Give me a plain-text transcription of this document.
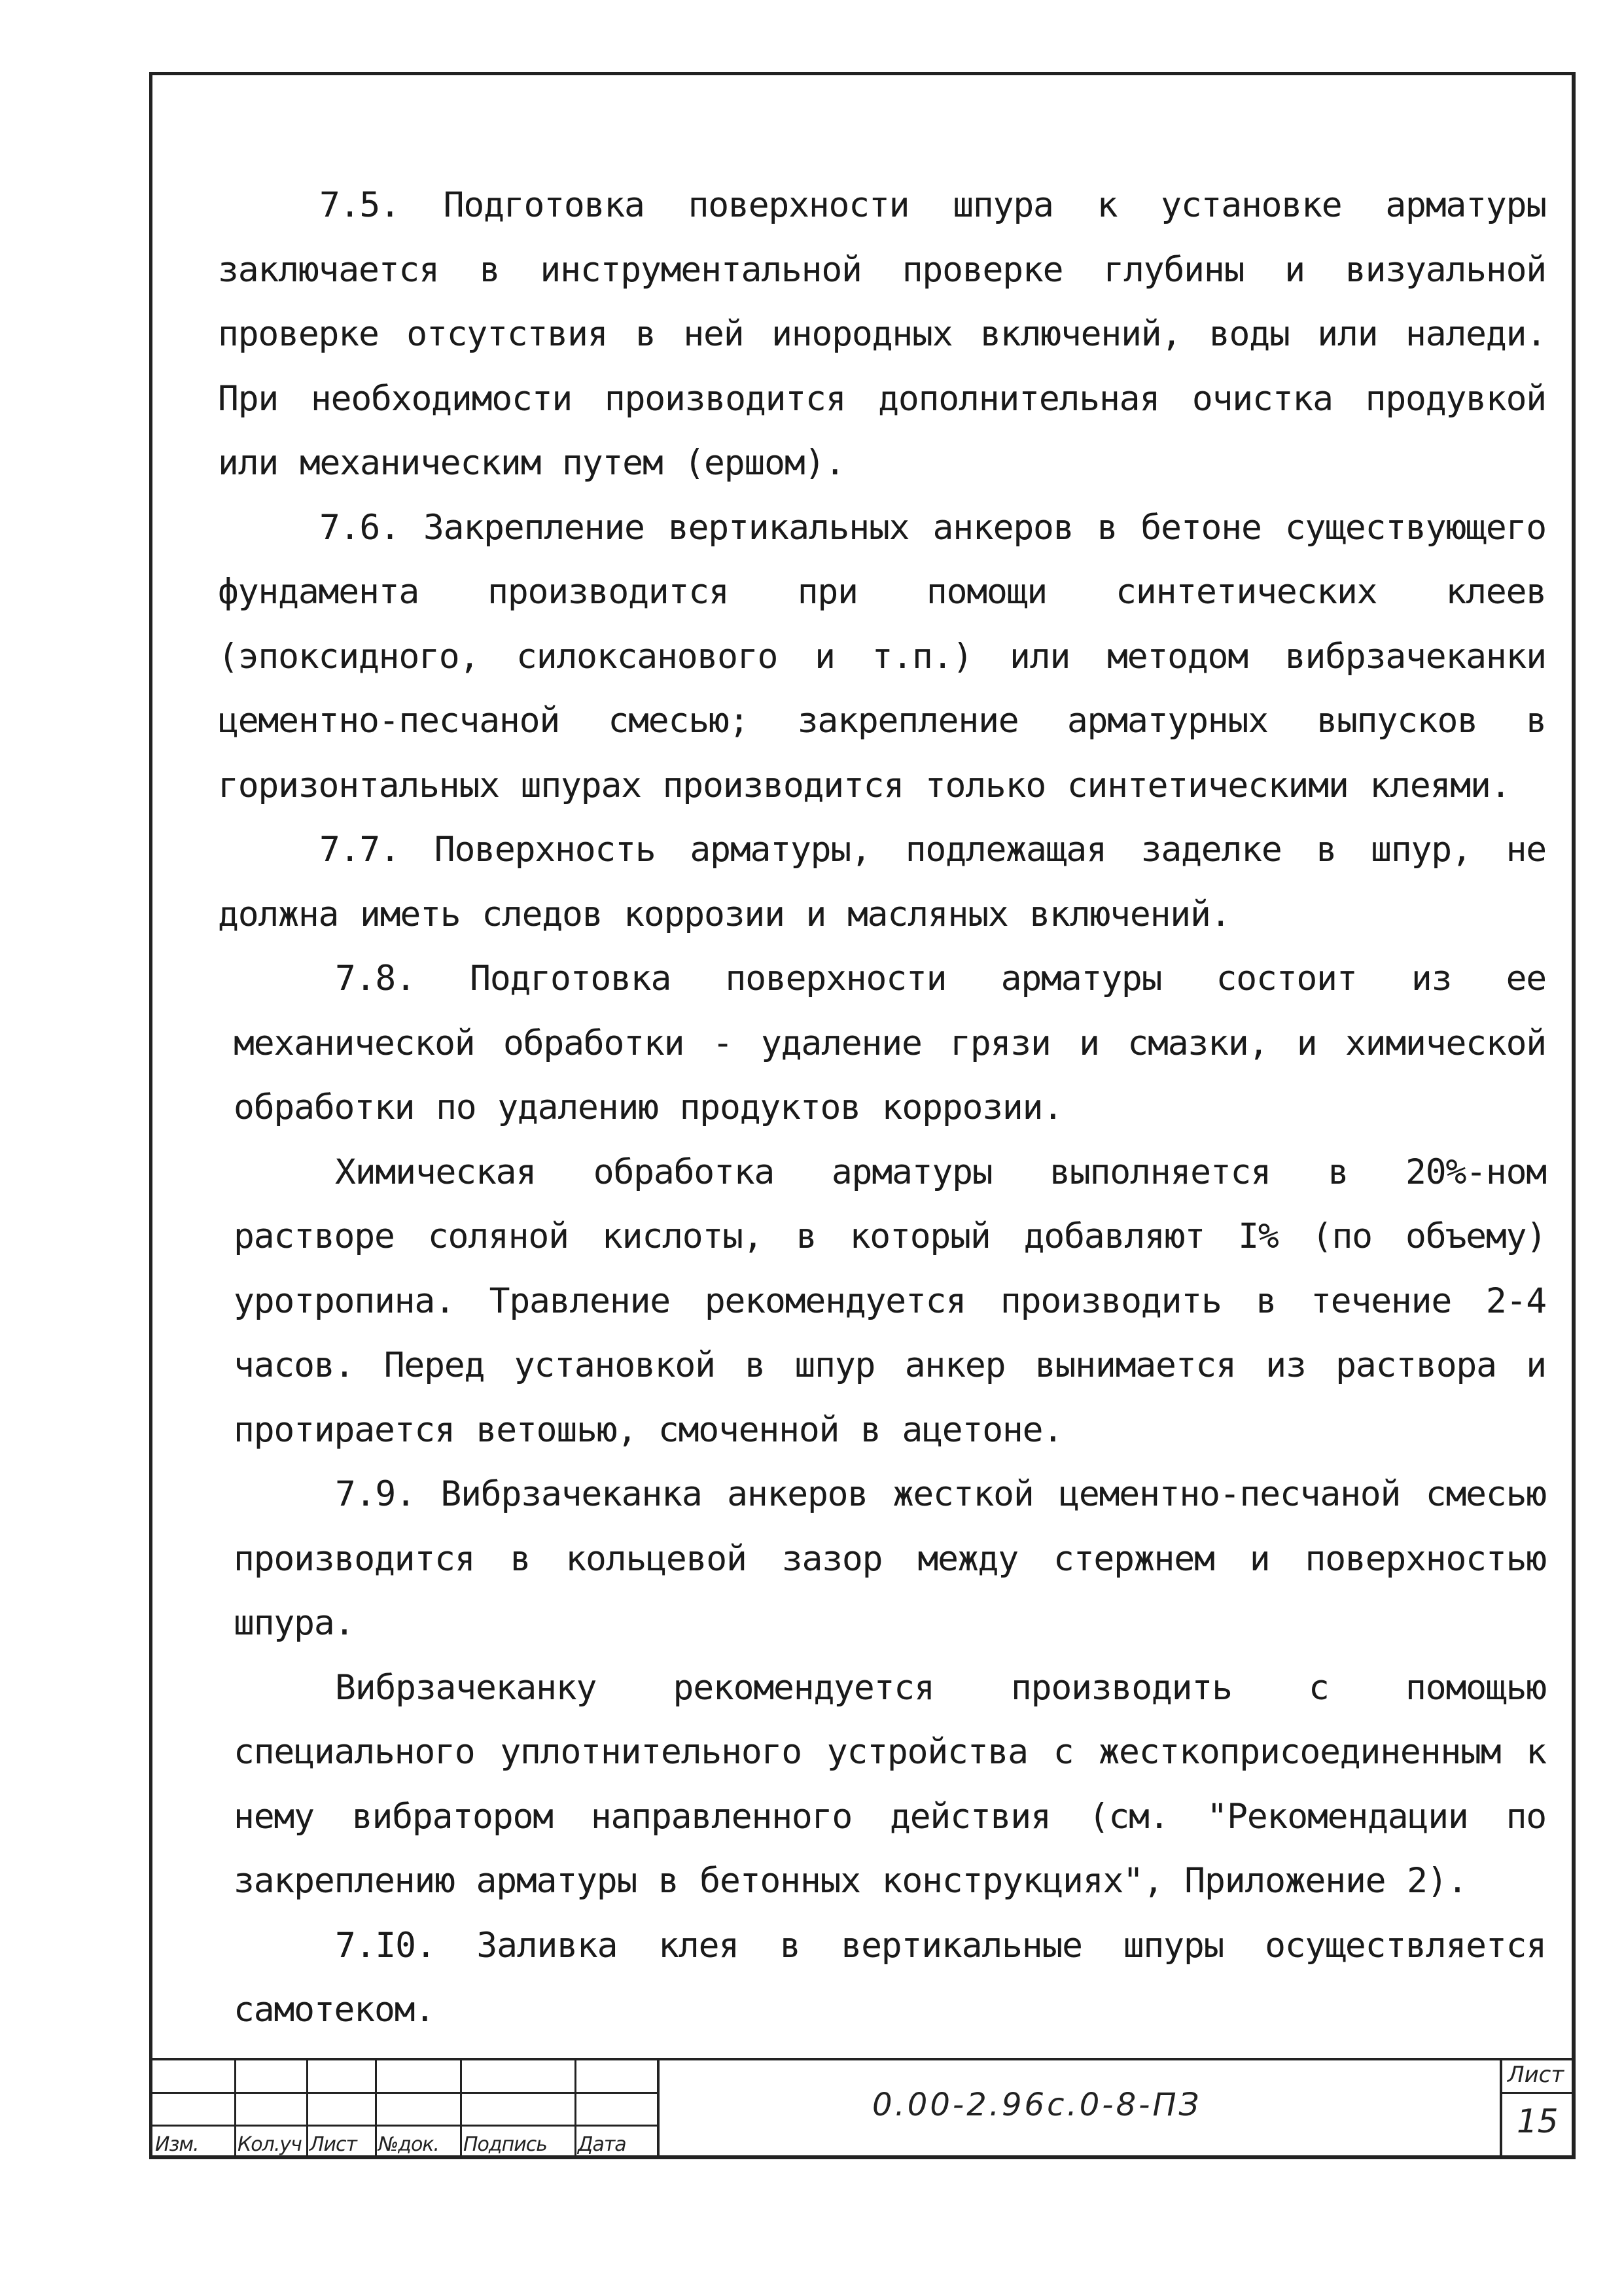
7.5. Подготовка поверхности шпура к установке арматуры заключается в инструментальной проверке глубины и визуальной проверке отсутствия в ней инородных включений, воды или наледи. При необходимости производится дополнительная очистка продувкой или механическим путем (ершом).

7.6. Закрепление вертикальных анкеров в бетоне существующего фундамента производится при помощи синтетических клеев (эпоксидного, силоксанового и т.п.) или методом вибрзачеканки цементно-песчаной смесью; закрепление арматурных выпусков в горизонтальных шпурах производится только синтетическими клеями.

7.7. Поверхность арматуры, подлежащая заделке в шпур, не должна иметь следов коррозии и масляных включений.

7.8. Подготовка поверхности арматуры состоит из ее механической обработки - удаление грязи и смазки, и химической обработки по удалению продуктов коррозии.

Химическая обработка арматуры выполняется в 20%-ном растворе соляной кислоты, в который добавляют I% (по объему) уротропина. Травление рекомендуется производить в течение 2-4 часов. Перед установкой в шпур анкер вынимается из раствора и протирается ветошью, смоченной в ацетоне.

7.9. Вибрзачеканка анкеров жесткой цементно-песчаной смесью производится в кольцевой зазор между стержнем и поверхностью шпура.

Вибрзачеканку рекомендуется производить с помощью специального уплотнительного устройства с жесткоприсоединенным к нему вибратором направленного действия (см. "Рекомендации по закреплению арматуры в бетонных конструкциях", Приложение 2).

7.I0. Заливка клея в вертикальные шпуры осуществляется самотеком.

Изм. Кол.уч Лист №док. Подпись Дата
0.00-2.96с.0-8-ПЗ
Лист
15
